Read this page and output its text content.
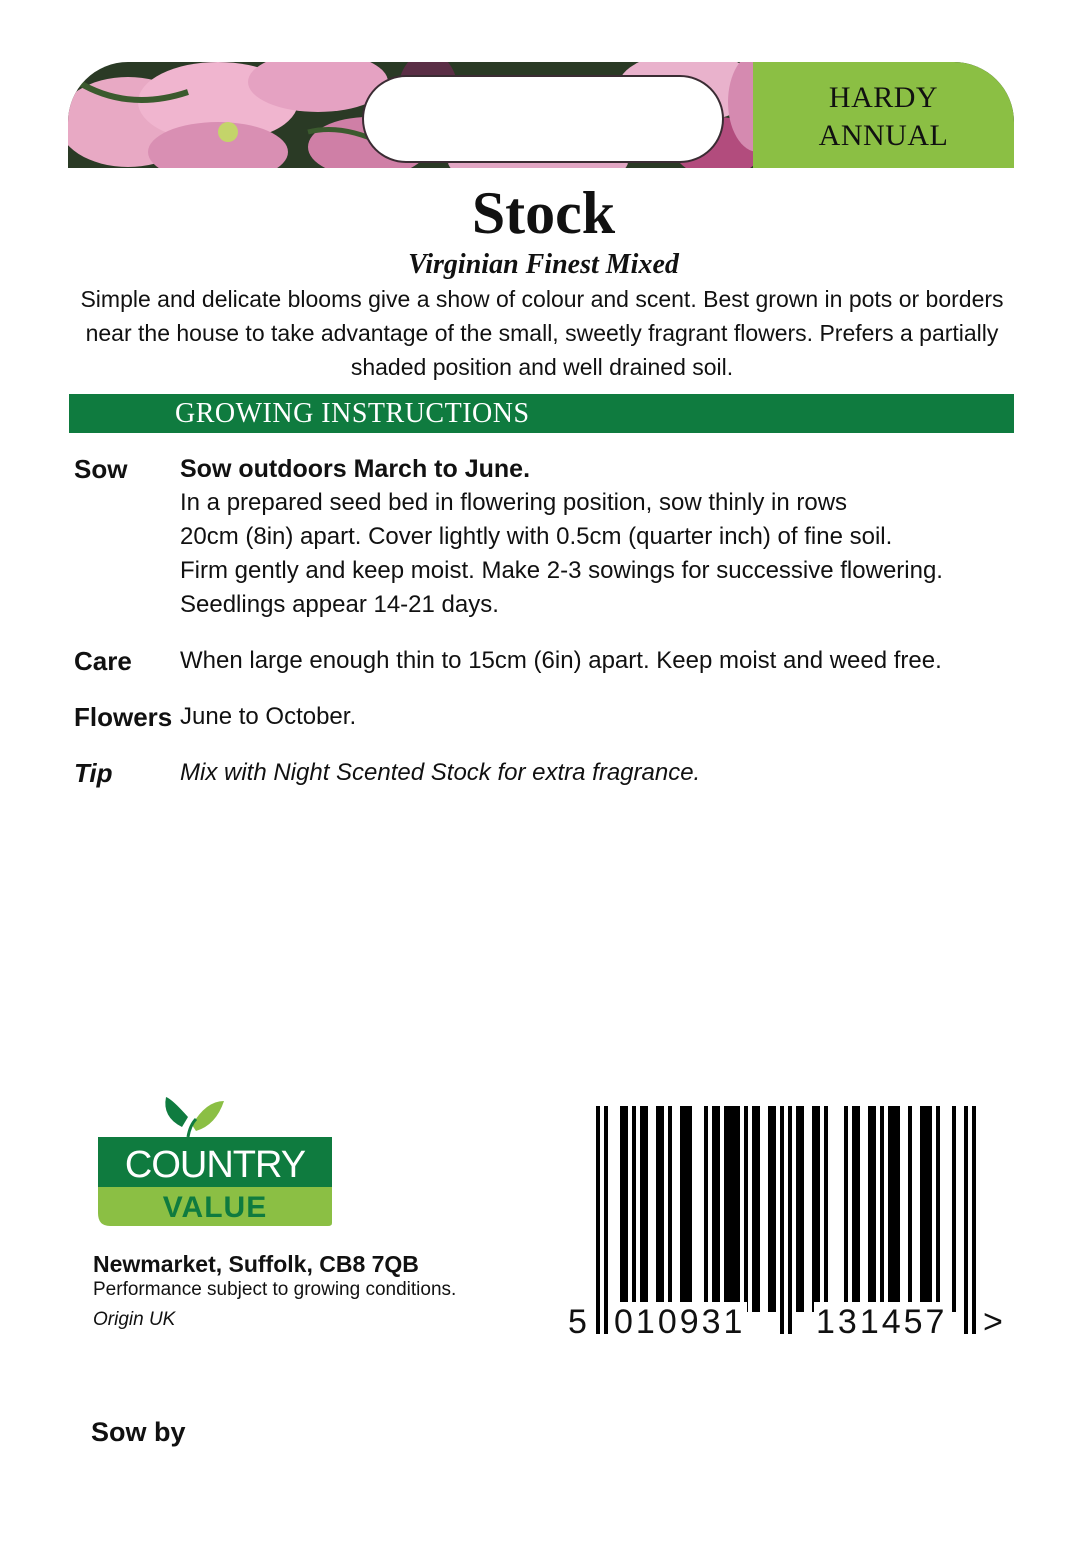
HARDY
ANNUAL
Stock
Virginian Finest Mixed
Simple and delicate blooms give a show of colour and scent. Best grown in pots or borders near the house to take advantage of the small, sweetly fragrant flowers. Prefers a partially shaded position and well drained soil.
GROWING INSTRUCTIONS
Sow	Sow outdoors March to June.
In a prepared seed bed in flowering position, sow thinly in rows
20cm (8in) apart. Cover lightly with 0.5cm (quarter inch) of fine soil.
Firm gently and keep moist. Make 2-3 sowings for successive flowering.
Seedlings appear 14-21 days.
Care	When large enough thin to 15cm (6in) apart. Keep moist and weed free.
Flowers June to October.
Tip	Mix with Night Scented Stock for extra fragrance.
COUNTRY
VALUE
Newmarket, Suffolk, CB8 7QB
Performance subject to growing conditions.
Origin UK	5 010931 131457 >
Sow by
